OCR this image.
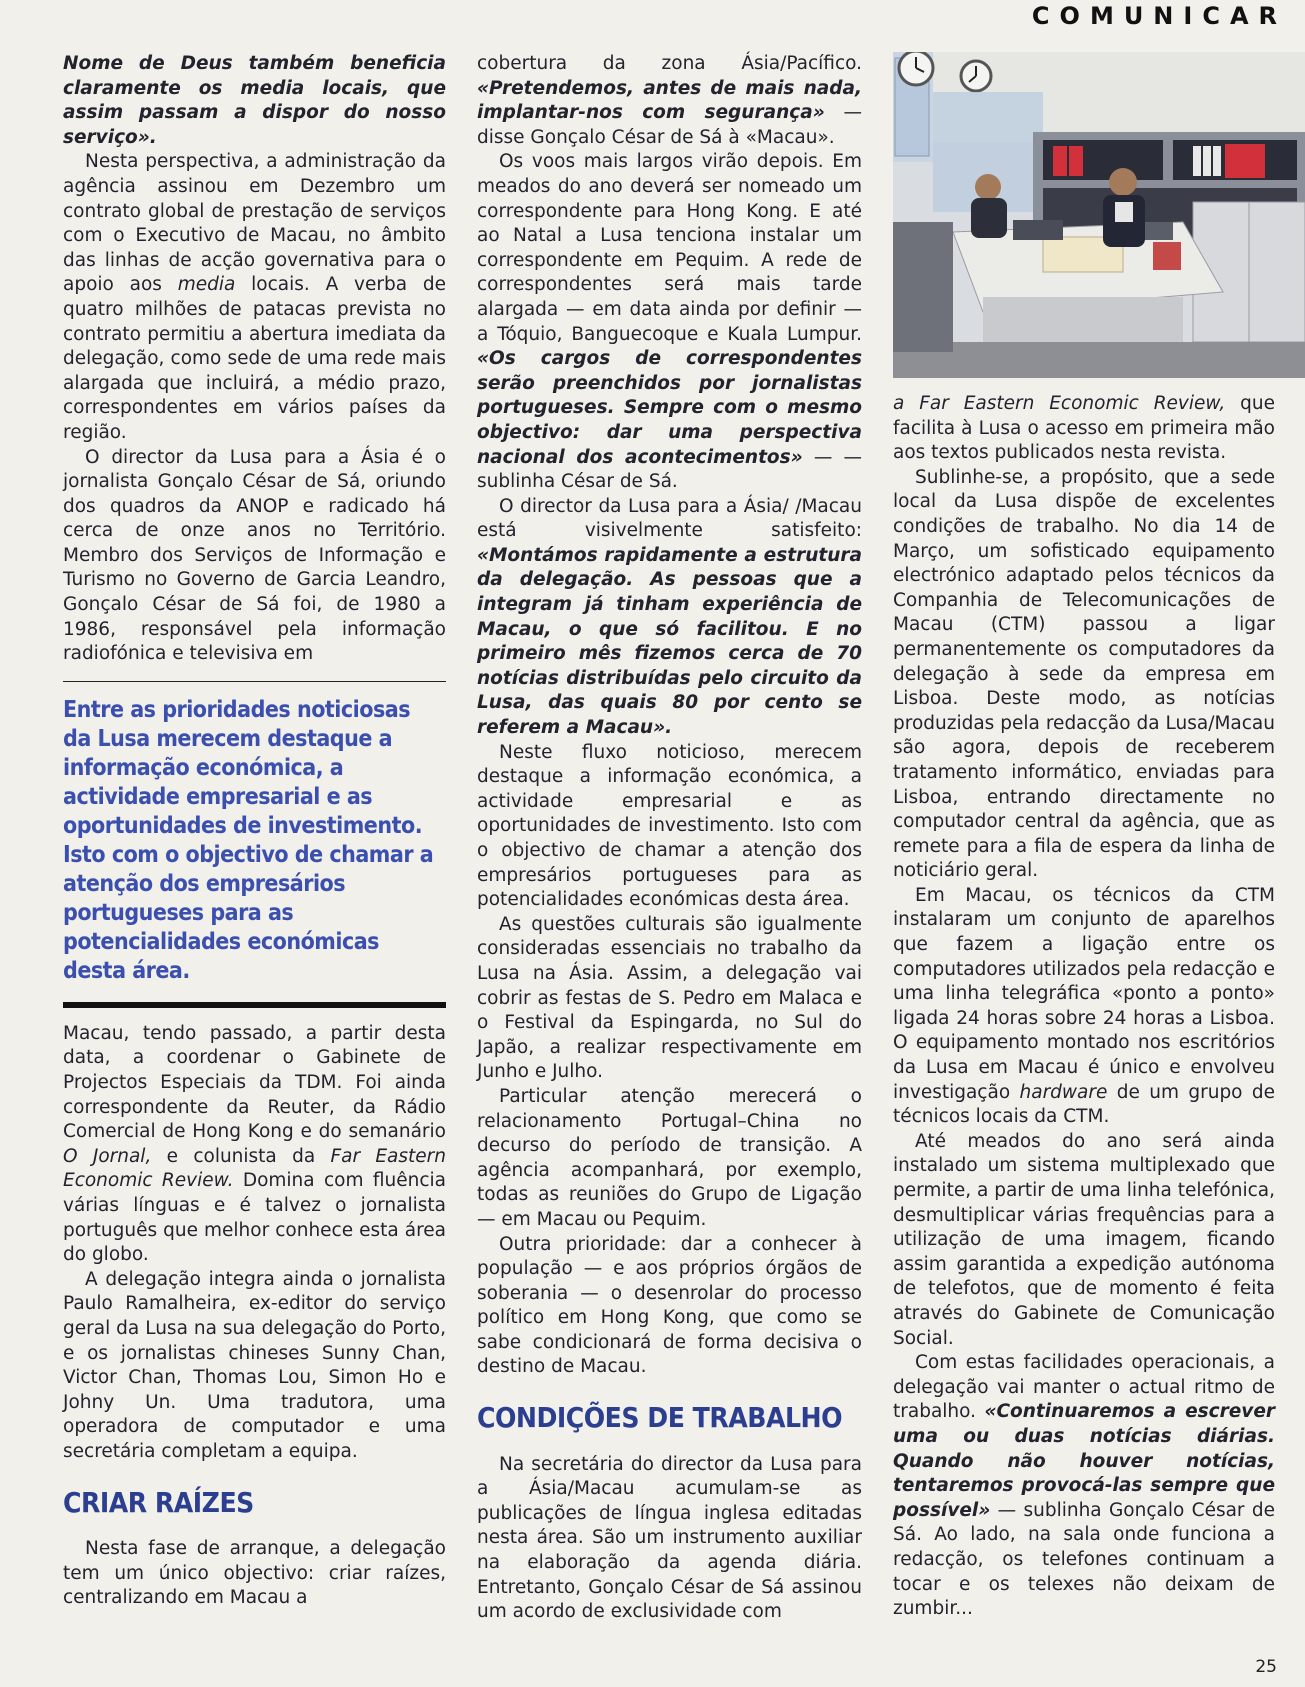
COMUNICAR

Nome de Deus também beneficia claramente os media locais, que assim passam a dispor do nosso serviço».

Nesta perspectiva, a administração da agência assinou em Dezembro um contrato global de prestação de serviços com o Executivo de Macau, no âmbito das linhas de acção governativa para o apoio aos media locais. A verba de quatro milhões de patacas prevista no contrato permitiu a abertura imediata da delegação, como sede de uma rede mais alargada que incluirá, a médio prazo, correspondentes em vários países da região.

O director da Lusa para a Ásia é o jornalista Gonçalo César de Sá, oriundo dos quadros da ANOP e radicado há cerca de onze anos no Território. Membro dos Serviços de Informação e Turismo no Governo de Garcia Leandro, Gonçalo César de Sá foi, de 1980 a 1986, responsável pela informação radiofónica e televisiva em

Entre as prioridades noticiosas
da Lusa merecem destaque a
informação económica, a
actividade empresarial e as
oportunidades de investimento.
Isto com o objectivo de chamar a
atenção dos empresários
portugueses para as
potencialidades económicas
desta área.

Macau, tendo passado, a partir desta data, a coordenar o Gabinete de Projectos Especiais da TDM. Foi ainda correspondente da Reuter, da Rádio Comercial de Hong Kong e do semanário O Jornal, e colunista da Far Eastern Economic Review. Domina com fluência várias línguas e é talvez o jornalista português que melhor conhece esta área do globo.

A delegação integra ainda o jornalista Paulo Ramalheira, ex-editor do serviço geral da Lusa na sua delegação do Porto, e os jornalistas chineses Sunny Chan, Victor Chan, Thomas Lou, Simon Ho e Johny Un. Uma tradutora, uma operadora de computador e uma secretária completam a equipa.

CRIAR RAÍZES

Nesta fase de arranque, a delegação tem um único objectivo: criar raízes, centralizando em Macau a

cobertura da zona Ásia/Pacífico. «Pretendemos, antes de mais nada, implantar-nos com segurança» — disse Gonçalo César de Sá à «Macau».

Os voos mais largos virão depois. Em meados do ano deverá ser nomeado um correspondente para Hong Kong. E até ao Natal a Lusa tenciona instalar um correspondente em Pequim. A rede de correspondentes será mais tarde alargada — em data ainda por definir — a Tóquio, Banguecoque e Kuala Lumpur. «Os cargos de correspondentes serão preenchidos por jornalistas portugueses. Sempre com o mesmo objectivo: dar uma perspectiva nacional dos acontecimentos» — — sublinha César de Sá.

O director da Lusa para a Ásia/ /Macau está visivelmente satisfeito: «Montámos rapidamente a estrutura da delegação. As pessoas que a integram já tinham experiência de Macau, o que só facilitou. E no primeiro mês fizemos cerca de 70 notícias distribuídas pelo circuito da Lusa, das quais 80 por cento se referem a Macau».

Neste fluxo noticioso, merecem destaque a informação económica, a actividade empresarial e as oportunidades de investimento. Isto com o objectivo de chamar a atenção dos empresários portugueses para as potencialidades económicas desta área.

As questões culturais são igualmente consideradas essenciais no trabalho da Lusa na Ásia. Assim, a delegação vai cobrir as festas de S. Pedro em Malaca e o Festival da Espingarda, no Sul do Japão, a realizar respectivamente em Junho e Julho.

Particular atenção merecerá o relacionamento Portugal–China no decurso do período de transição. A agência acompanhará, por exemplo, todas as reuniões do Grupo de Ligação — em Macau ou Pequim.

Outra prioridade: dar a conhecer à população — e aos próprios órgãos de soberania — o desenrolar do processo político em Hong Kong, que como se sabe condicionará de forma decisiva o destino de Macau.

CONDIÇÕES DE TRABALHO

Na secretária do director da Lusa para a Ásia/Macau acumulam-se as publicações de língua inglesa editadas nesta área. São um instrumento auxiliar na elaboração da agenda diária. Entretanto, Gonçalo César de Sá assinou um acordo de exclusividade com

a Far Eastern Economic Review, que facilita à Lusa o acesso em primeira mão aos textos publicados nesta revista.

Sublinhe-se, a propósito, que a sede local da Lusa dispõe de excelentes condições de trabalho. No dia 14 de Março, um sofisticado equipamento electrónico adaptado pelos técnicos da Companhia de Telecomunicações de Macau (CTM) passou a ligar permanentemente os computadores da delegação à sede da empresa em Lisboa. Deste modo, as notícias produzidas pela redacção da Lusa/Macau são agora, depois de receberem tratamento informático, enviadas para Lisboa, entrando directamente no computador central da agência, que as remete para a fila de espera da linha de noticiário geral.

Em Macau, os técnicos da CTM instalaram um conjunto de aparelhos que fazem a ligação entre os computadores utilizados pela redacção e uma linha telegráfica «ponto a ponto» ligada 24 horas sobre 24 horas a Lisboa. O equipamento montado nos escritórios da Lusa em Macau é único e envolveu investigação hardware de um grupo de técnicos locais da CTM.

Até meados do ano será ainda instalado um sistema multiplexado que permite, a partir de uma linha telefónica, desmultiplicar várias frequências para a utilização de uma imagem, ficando assim garantida a expedição autónoma de telefotos, que de momento é feita através do Gabinete de Comunicação Social.

Com estas facilidades operacionais, a delegação vai manter o actual ritmo de trabalho. «Continuaremos a escrever uma ou duas notícias diárias. Quando não houver notícias, tentaremos provocá-las sempre que possível» — sublinha Gonçalo César de Sá. Ao lado, na sala onde funciona a redacção, os telefones continuam a tocar e os telexes não deixam de zumbir...

25
